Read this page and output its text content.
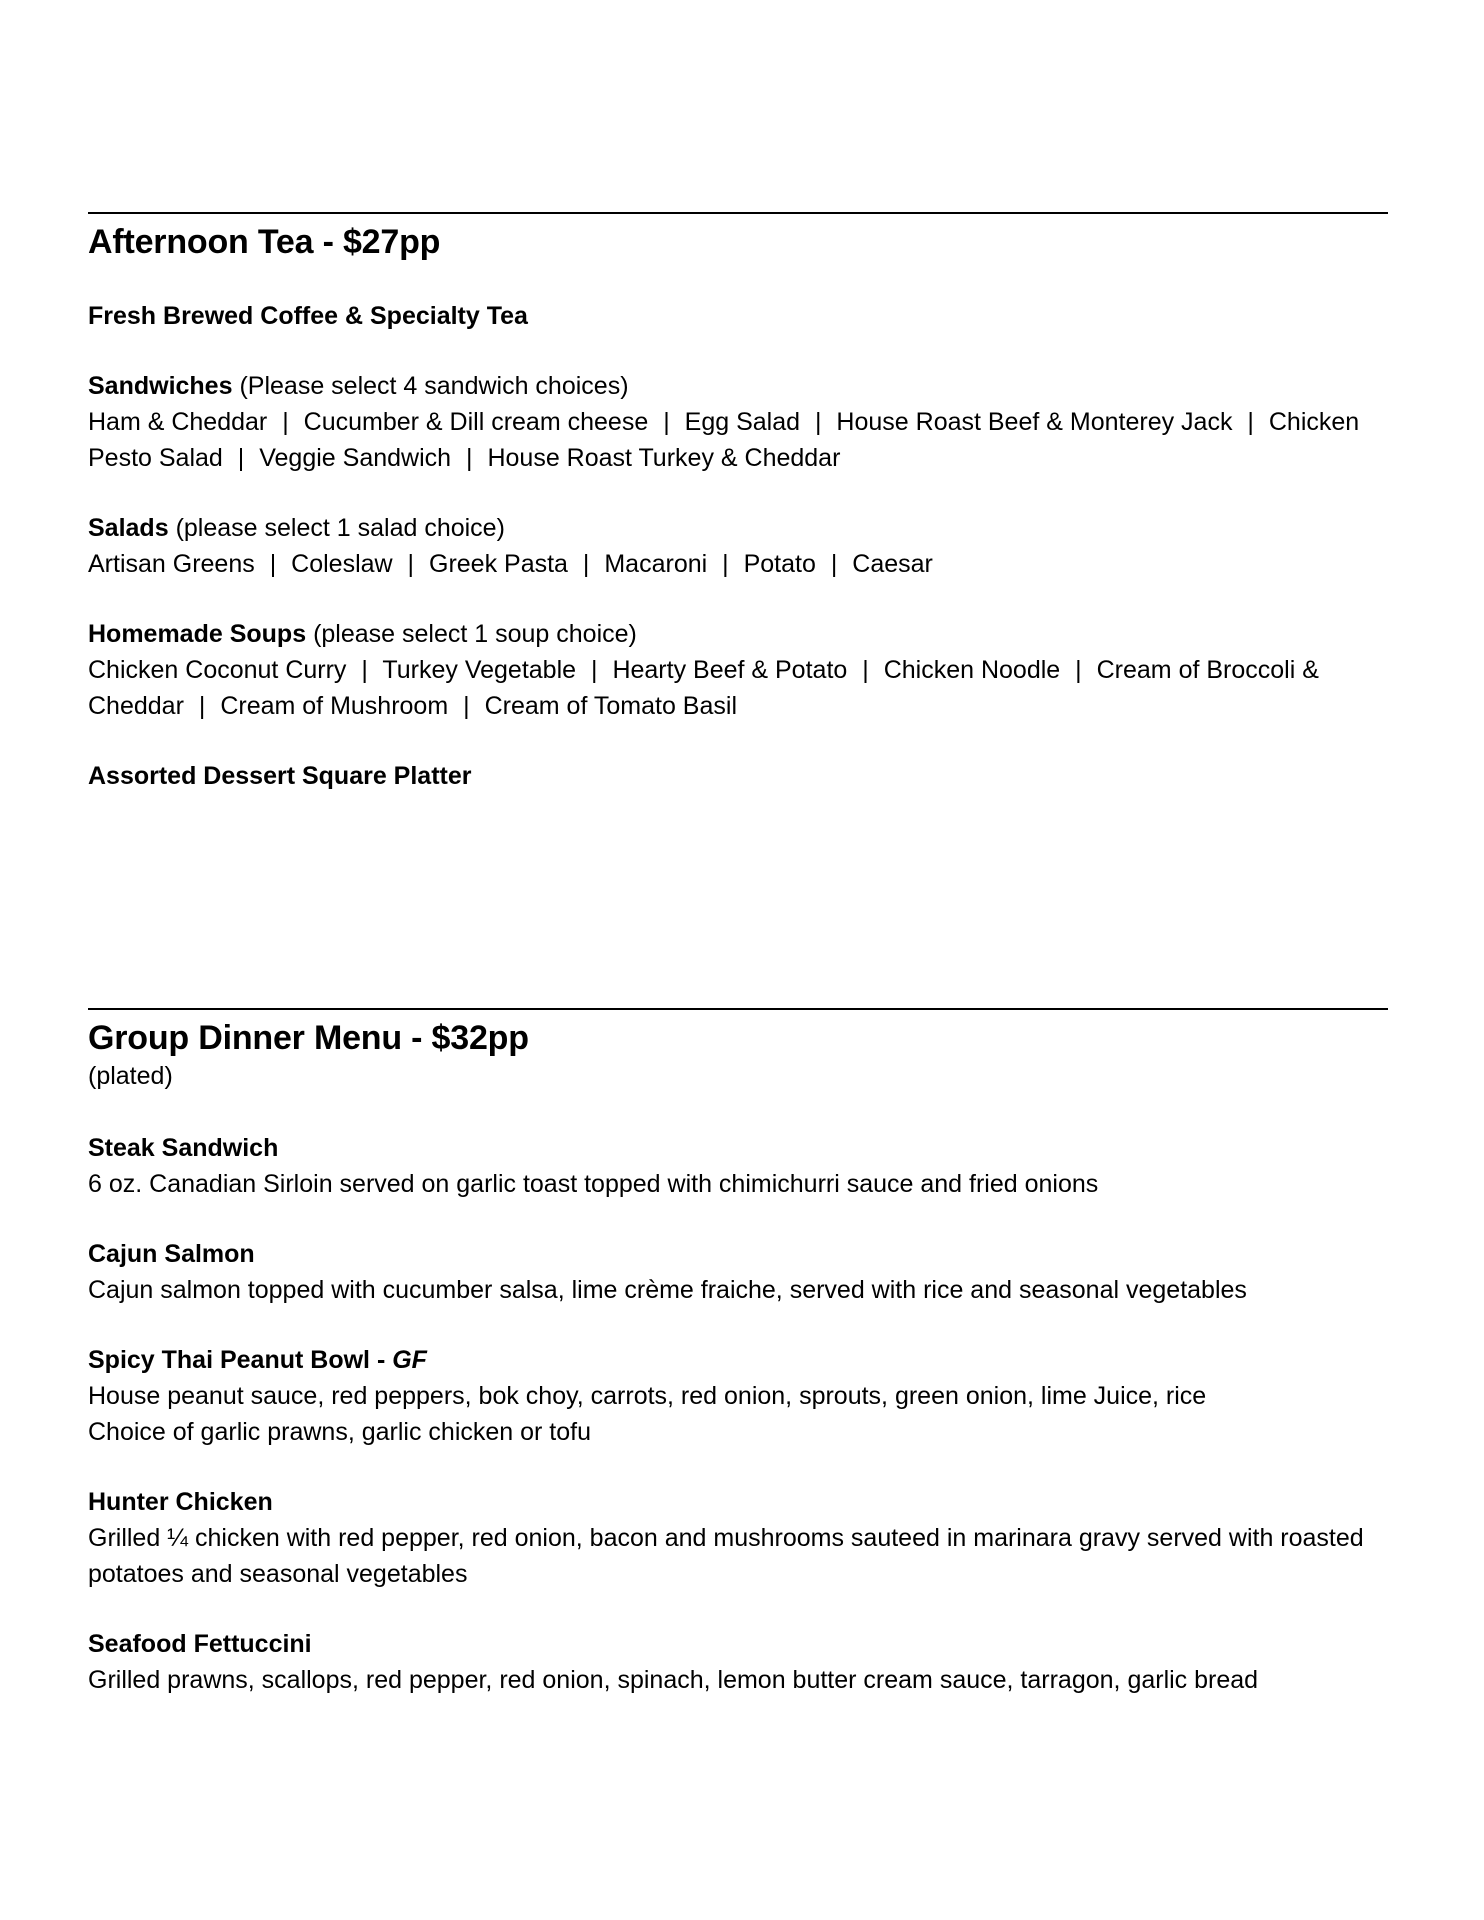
Afternoon Tea - $27pp
Fresh Brewed Coffee & Specialty Tea
Sandwiches (Please select 4 sandwich choices)
Ham & Cheddar | Cucumber & Dill cream cheese | Egg Salad | House Roast Beef & Monterey Jack | Chicken Pesto Salad | Veggie Sandwich | House Roast Turkey & Cheddar
Salads (please select 1 salad choice)
Artisan Greens | Coleslaw | Greek Pasta | Macaroni | Potato | Caesar
Homemade Soups (please select 1 soup choice)
Chicken Coconut Curry | Turkey Vegetable | Hearty Beef & Potato | Chicken Noodle | Cream of Broccoli & Cheddar | Cream of Mushroom | Cream of Tomato Basil
Assorted Dessert Square Platter
Group Dinner Menu - $32pp
(plated)
Steak Sandwich
6 oz. Canadian Sirloin served on garlic toast topped with chimichurri sauce and fried onions
Cajun Salmon
Cajun salmon topped with cucumber salsa, lime crème fraiche, served with rice and seasonal vegetables
Spicy Thai Peanut Bowl - GF
House peanut sauce, red peppers, bok choy, carrots, red onion, sprouts, green onion, lime Juice, rice
Choice of garlic prawns, garlic chicken or tofu
Hunter Chicken
Grilled ¼ chicken with red pepper, red onion, bacon and mushrooms sauteed in marinara gravy served with roasted potatoes and seasonal vegetables
Seafood Fettuccini
Grilled prawns, scallops, red pepper, red onion, spinach, lemon butter cream sauce, tarragon, garlic bread
